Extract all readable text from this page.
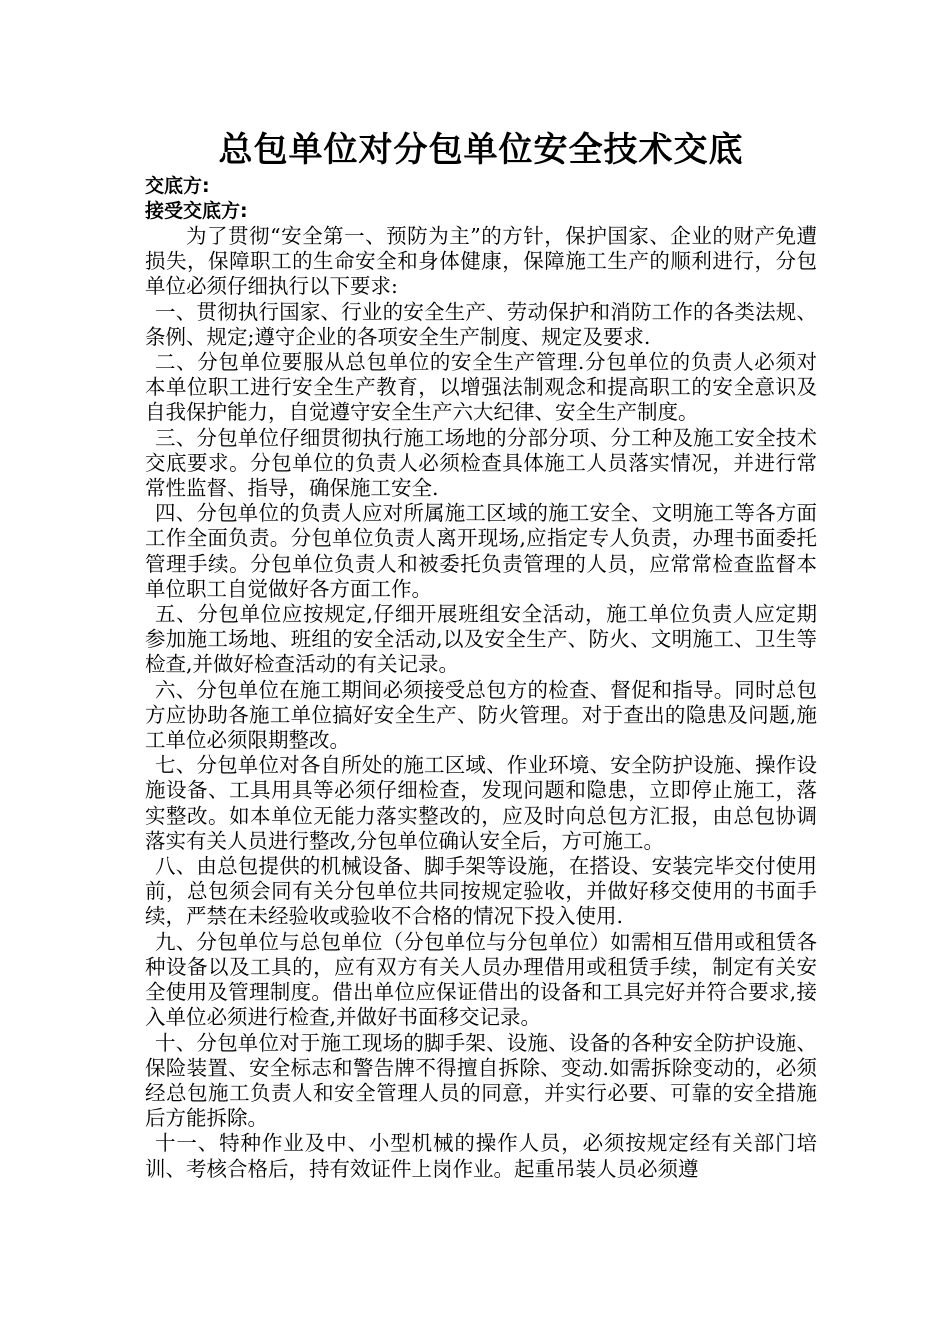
总包单位对分包单位安全技术交底
交底方:
接受交底方:

为了贯彻“安全第一、预防为主”的方针，保护国家、企业的财产免遭损失，保障职工的生命安全和身体健康，保障施工生产的顺利进行，分包单位必须仔细执行以下要求:

一、贯彻执行国家、行业的安全生产、劳动保护和消防工作的各类法规、条例、规定;遵守企业的各项安全生产制度、规定及要求.

二、分包单位要服从总包单位的安全生产管理.分包单位的负责人必须对本单位职工进行安全生产教育，以增强法制观念和提高职工的安全意识及自我保护能力，自觉遵守安全生产六大纪律、安全生产制度。

三、分包单位仔细贯彻执行施工场地的分部分项、分工种及施工安全技术交底要求。分包单位的负责人必须检查具体施工人员落实情况，并进行常常性监督、指导，确保施工安全.

四、分包单位的负责人应对所属施工区域的施工安全、文明施工等各方面工作全面负责。分包单位负责人离开现场,应指定专人负责，办理书面委托管理手续。分包单位负责人和被委托负责管理的人员，应常常检查监督本单位职工自觉做好各方面工作。

五、分包单位应按规定,仔细开展班组安全活动，施工单位负责人应定期参加施工场地、班组的安全活动,以及安全生产、防火、文明施工、卫生等检查,并做好检查活动的有关记录。

六、分包单位在施工期间必须接受总包方的检查、督促和指导。同时总包方应协助各施工单位搞好安全生产、防火管理。对于查出的隐患及问题,施工单位必须限期整改。

七、分包单位对各自所处的施工区域、作业环境、安全防护设施、操作设施设备、工具用具等必须仔细检查，发现问题和隐患，立即停止施工，落实整改。如本单位无能力落实整改的，应及时向总包方汇报，由总包协调落实有关人员进行整改,分包单位确认安全后，方可施工。

八、由总包提供的机械设备、脚手架等设施，在搭设、安装完毕交付使用前，总包须会同有关分包单位共同按规定验收，并做好移交使用的书面手续，严禁在未经验收或验收不合格的情况下投入使用.

九、分包单位与总包单位（分包单位与分包单位）如需相互借用或租赁各种设备以及工具的，应有双方有关人员办理借用或租赁手续，制定有关安全使用及管理制度。借出单位应保证借出的设备和工具完好并符合要求,接入单位必须进行检查,并做好书面移交记录。

十、分包单位对于施工现场的脚手架、设施、设备的各种安全防护设施、保险装置、安全标志和警告牌不得擅自拆除、变动.如需拆除变动的，必须经总包施工负责人和安全管理人员的同意，并实行必要、可靠的安全措施后方能拆除。

十一、特种作业及中、小型机械的操作人员，必须按规定经有关部门培训、考核合格后，持有效证件上岗作业。起重吊装人员必须遵
